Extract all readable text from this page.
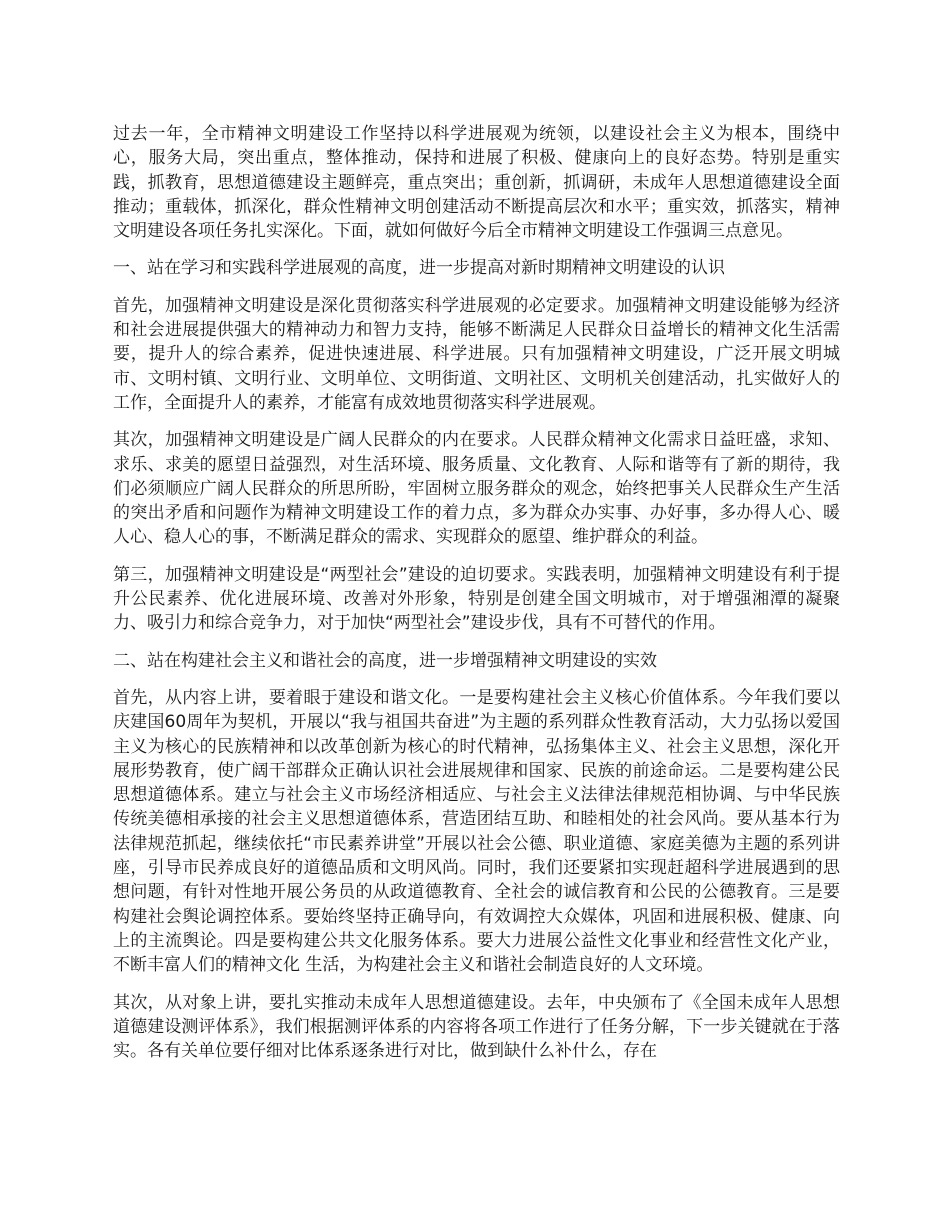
过去一年，全市精神文明建设工作坚持以科学进展观为统领，以建设社会主义为根本，围绕中心，服务大局，突出重点，整体推动，保持和进展了积极、健康向上的良好态势。特别是重实践，抓教育，思想道德建设主题鲜亮，重点突出；重创新，抓调研，未成年人思想道德建设全面推动；重载体，抓深化，群众性精神文明创建活动不断提高层次和水平；重实效，抓落实，精神文明建设各项任务扎实深化。下面，就如何做好今后全市精神文明建设工作强调三点意见。

一、站在学习和实践科学进展观的高度，进一步提高对新时期精神文明建设的认识

首先，加强精神文明建设是深化贯彻落实科学进展观的必定要求。加强精神文明建设能够为经济和社会进展提供强大的精神动力和智力支持，能够不断满足人民群众日益增长的精神文化生活需要，提升人的综合素养，促进快速进展、科学进展。只有加强精神文明建设，广泛开展文明城市、文明村镇、文明行业、文明单位、文明街道、文明社区、文明机关创建活动，扎实做好人的工作，全面提升人的素养，才能富有成效地贯彻落实科学进展观。

其次，加强精神文明建设是广阔人民群众的内在要求。人民群众精神文化需求日益旺盛，求知、求乐、求美的愿望日益强烈，对生活环境、服务质量、文化教育、人际和谐等有了新的期待，我们必须顺应广阔人民群众的所思所盼，牢固树立服务群众的观念，始终把事关人民群众生产生活的突出矛盾和问题作为精神文明建设工作的着力点，多为群众办实事、办好事，多办得人心、暖人心、稳人心的事，不断满足群众的需求、实现群众的愿望、维护群众的利益。

第三，加强精神文明建设是“两型社会”建设的迫切要求。实践表明，加强精神文明建设有利于提升公民素养、优化进展环境、改善对外形象，特别是创建全国文明城市，对于增强湘潭的凝聚力、吸引力和综合竞争力，对于加快“两型社会”建设步伐，具有不可替代的作用。

二、站在构建社会主义和谐社会的高度，进一步增强精神文明建设的实效

首先，从内容上讲，要着眼于建设和谐文化。一是要构建社会主义核心价值体系。今年我们要以庆建国60周年为契机，开展以“我与祖国共奋进”为主题的系列群众性教育活动，大力弘扬以爱国主义为核心的民族精神和以改革创新为核心的时代精神，弘扬集体主义、社会主义思想，深化开展形势教育，使广阔干部群众正确认识社会进展规律和国家、民族的前途命运。二是要构建公民思想道德体系。建立与社会主义市场经济相适应、与社会主义法律法律规范相协调、与中华民族传统美德相承接的社会主义思想道德体系，营造团结互助、和睦相处的社会风尚。要从基本行为法律规范抓起，继续依托“市民素养讲堂”开展以社会公德、职业道德、家庭美德为主题的系列讲座，引导市民养成良好的道德品质和文明风尚。同时，我们还要紧扣实现赶超科学进展遇到的思想问题，有针对性地开展公务员的从政道德教育、全社会的诚信教育和公民的公德教育。三是要构建社会舆论调控体系。要始终坚持正确导向，有效调控大众媒体，巩固和进展积极、健康、向上的主流舆论。四是要构建公共文化服务体系。要大力进展公益性文化事业和经营性文化产业，不断丰富人们的精神文化 生活，为构建社会主义和谐社会制造良好的人文环境。

其次，从对象上讲，要扎实推动未成年人思想道德建设。去年，中央颁布了《全国未成年人思想道德建设测评体系》，我们根据测评体系的内容将各项工作进行了任务分解，下一步关键就在于落实。各有关单位要仔细对比体系逐条进行对比，做到缺什么补什么，存在
